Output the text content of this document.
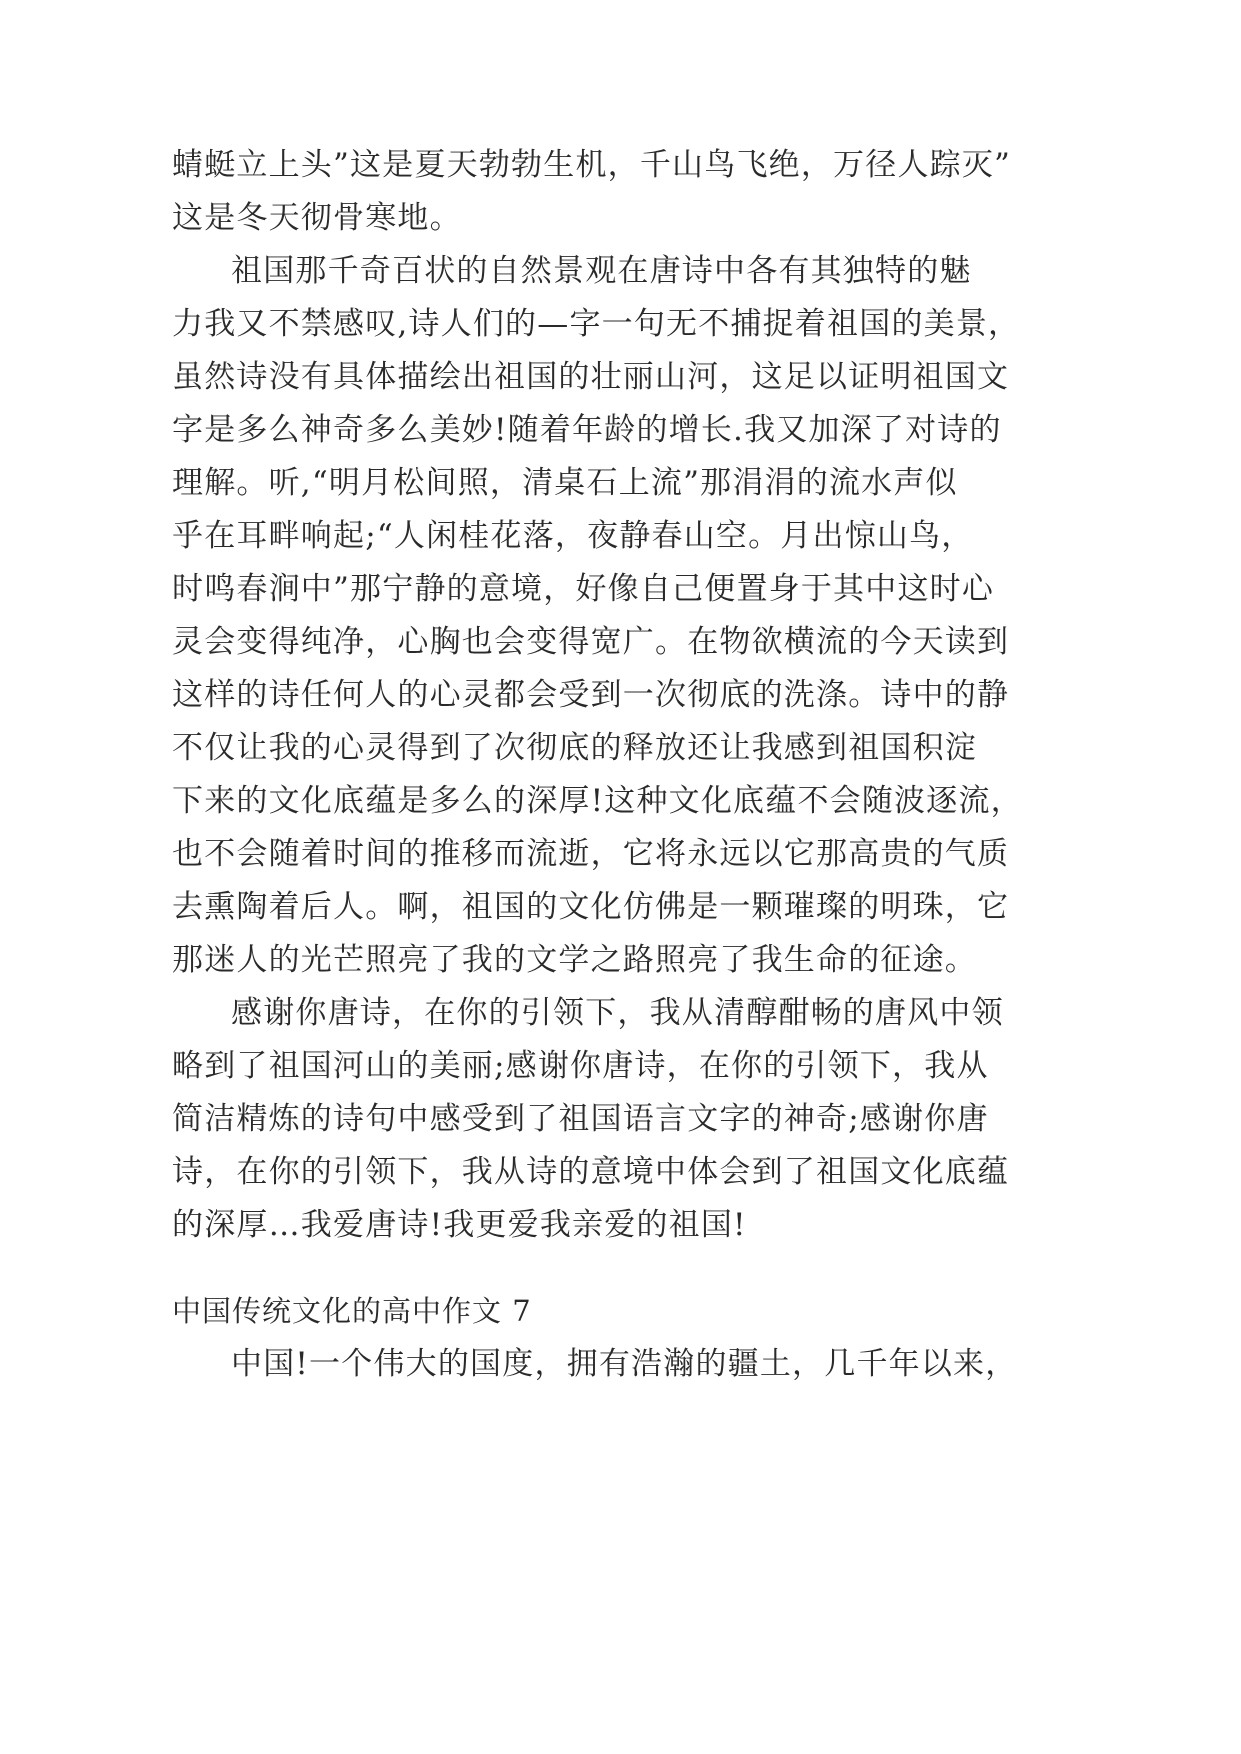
蜻蜓立上头”这是夏天勃勃生机，千山鸟飞绝，万径人踪灭”
这是冬天彻骨寒地。
祖国那千奇百状的自然景观在唐诗中各有其独特的魅
力我又不禁感叹,诗人们的—字一句无不捕捉着祖国的美景，
虽然诗没有具体描绘出祖国的壮丽山河，这足以证明祖国文
字是多么神奇多么美妙!随着年龄的增长.我又加深了对诗的
理解。听,“明月松间照，清桌石上流”那涓涓的流水声似
乎在耳畔响起;“人闲桂花落，夜静春山空。月出惊山鸟，
时鸣春涧中”那宁静的意境，好像自己便置身于其中这时心
灵会变得纯净，心胸也会变得宽广。在物欲横流的今天读到
这样的诗任何人的心灵都会受到一次彻底的洗涤。诗中的静
不仅让我的心灵得到了次彻底的释放还让我感到祖国积淀
下来的文化底蕴是多么的深厚!这种文化底蕴不会随波逐流，
也不会随着时间的推移而流逝，它将永远以它那高贵的气质
去熏陶着后人。啊，祖国的文化仿佛是一颗璀璨的明珠，它
那迷人的光芒照亮了我的文学之路照亮了我生命的征途。
感谢你唐诗，在你的引领下，我从清醇酣畅的唐风中领
略到了祖国河山的美丽;感谢你唐诗，在你的引领下，我从
简洁精炼的诗句中感受到了祖国语言文字的神奇;感谢你唐
诗，在你的引领下，我从诗的意境中体会到了祖国文化底蕴
的深厚…我爱唐诗!我更爱我亲爱的祖国!
中国传统文化的高中作文 7
中国!一个伟大的国度，拥有浩瀚的疆土，几千年以来，
